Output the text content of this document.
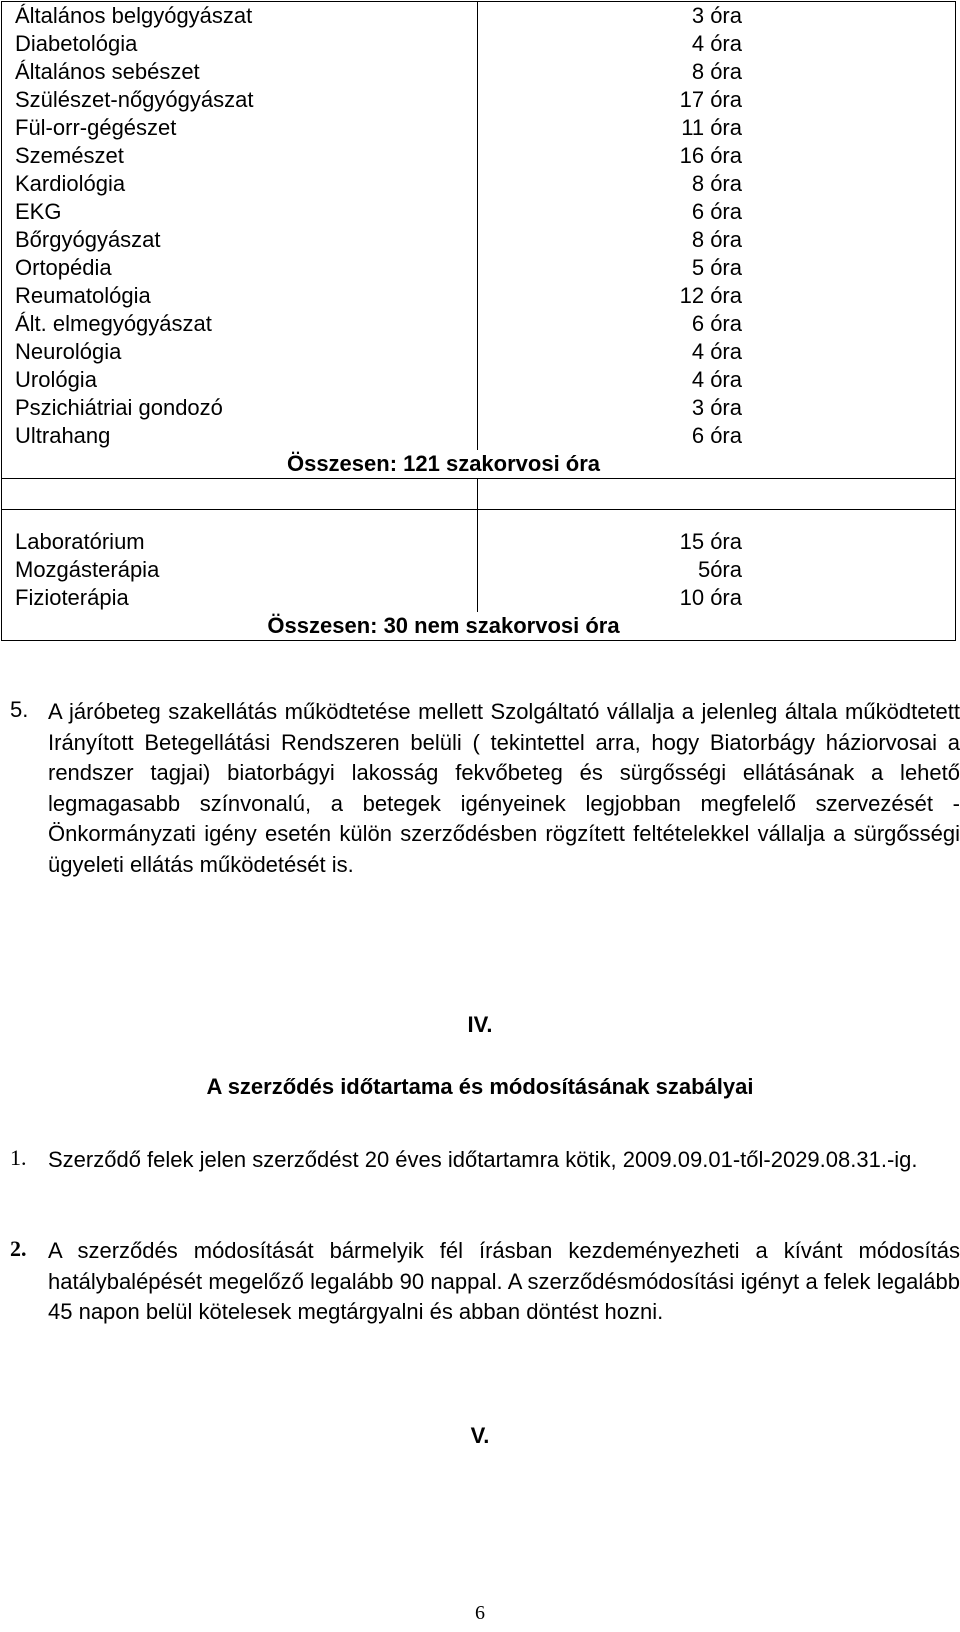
Általános belgyógyászat	3 óra
Diabetológia	4 óra
Általános sebészet	8 óra
Szülészet-nőgyógyászat	17 óra
Fül-orr-gégészet	11 óra
Szemészet	16 óra
Kardiológia	8 óra
EKG	6 óra
Bőrgyógyászat	8 óra
Ortopédia	5 óra
Reumatológia	12 óra
Ált. elmegyógyászat	6 óra
Neurológia	4 óra
Urológia	4 óra
Pszichiátriai gondozó	3 óra
Ultrahang	6 óra
Összesen: 121 szakorvosi óra	

Laboratórium	15 óra
Mozgásterápia	5óra
Fizioterápia	10 óra
Összesen: 30 nem szakorvosi óra	
5. A járóbeteg szakellátás működtetése mellett Szolgáltató vállalja a jelenleg általa működtetett Irányított Betegellátási Rendszeren belüli ( tekintettel arra, hogy Biatorbágy háziorvosai a rendszer tagjai) biatorbágyi lakosság fekvőbeteg és sürgősségi ellátásának a lehető legmagasabb színvonalú, a betegek igényeinek legjobban megfelelő szervezését - Önkormányzati igény esetén külön szerződésben rögzített feltételekkel vállalja a sürgősségi ügyeleti ellátás működetését is.
IV.
A szerződés időtartama és módosításának szabályai
1. Szerződő felek jelen szerződést 20 éves időtartamra kötik, 2009.09.01-től-2029.08.31.-ig.
2. A szerződés módosítását bármelyik fél írásban kezdeményezheti a kívánt módosítás hatálybalépését megelőző legalább 90 nappal. A szerződésmódosítási igényt a felek legalább 45 napon belül kötelesek megtárgyalni és abban döntést hozni.
V.
6
